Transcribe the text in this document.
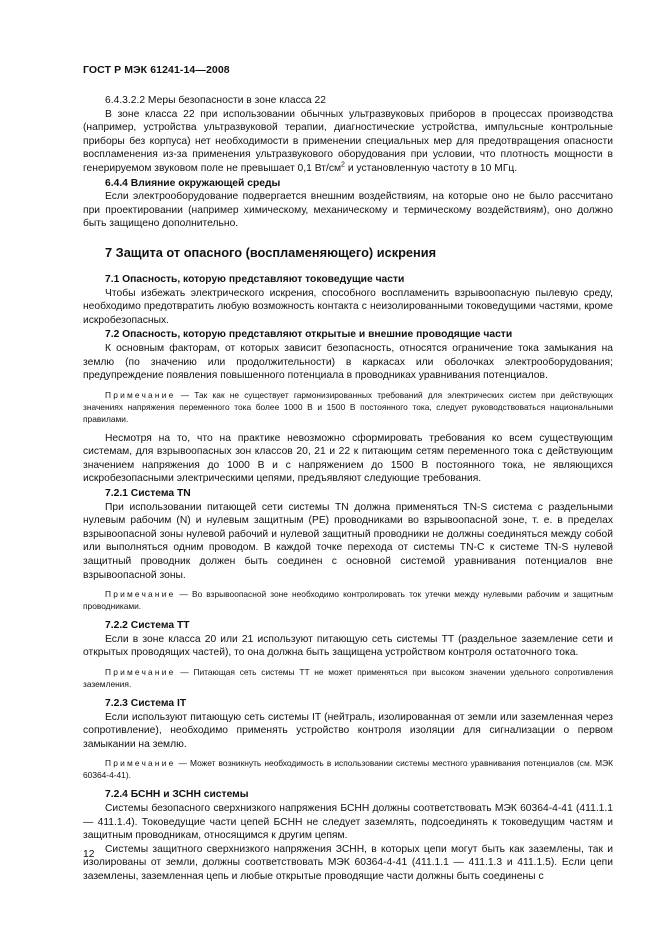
ГОСТ Р МЭК 61241-14—2008

6.4.3.2.2 Меры безопасности в зоне класса 22

В зоне класса 22 при использовании обычных ультразвуковых приборов в процессах производства (например, устройства ультразвуковой терапии, диагностические устройства, импульсные контрольные приборы без корпуса) нет необходимости в применении специальных мер для предотвращения опасности воспламенения из-за применения ультразвукового оборудования при условии, что плотность мощности в генерируемом звуковом поле не превышает 0,1 $Вт/см^2$ и установленную частоту в 10 МГц.

6.4.4 Влияние окружающей среды

Если электрооборудование подвергается внешним воздействиям, на которые оно не было рассчитано при проектировании (например химическому, механическому и термическому воздействиям), оно должно быть защищено дополнительно.

7 Защита от опасного (воспламеняющего) искрения

7.1 Опасность, которую представляют токоведущие части

Чтобы избежать электрического искрения, способного воспламенить взрывоопасную пылевую среду, необходимо предотвратить любую возможность контакта с неизолированными токоведущими частями, кроме искробезопасных.

7.2 Опасность, которую представляют открытые и внешние проводящие части

К основным факторам, от которых зависит безопасность, относятся ограничение тока замыкания на землю (по значению или продолжительности) в каркасах или оболочках электрооборудования; предупреждение появления повышенного потенциала в проводниках уравнивания потенциалов.

Примечание — Так как не существует гармонизированных требований для электрических систем при действующих значениях напряжения переменного тока более 1000 В и 1500 В постоянного тока, следует руководствоваться национальными правилами.

Несмотря на то, что на практике невозможно сформировать требования ко всем существующим системам, для взрывоопасных зон классов 20, 21 и 22 к питающим сетям переменного тока с действующим значением напряжения до 1000 В и с напряжением до 1500 В постоянного тока, не являющихся искробезопасными электрическими цепями, предъявляют следующие требования.

7.2.1 Система TN

При использовании питающей сети системы TN должна применяться TN-S система с раздельными нулевым рабочим (N) и нулевым защитным (PE) проводниками во взрывоопасной зоне, т. е. в пределах взрывоопасной зоны нулевой рабочий и нулевой защитный проводники не должны соединяться между собой или выполняться одним проводом. В каждой точке перехода от системы TN-C к системе TN-S нулевой защитный проводник должен быть соединен с основной системой уравнивания потенциалов вне взрывоопасной зоны.

Примечание — Во взрывоопасной зоне необходимо контролировать ток утечки между нулевыми рабочим и защитным проводниками.

7.2.2 Система TT

Если в зоне класса 20 или 21 используют питающую сеть системы TT (раздельное заземление сети и открытых проводящих частей), то она должна быть защищена устройством контроля остаточного тока.

Примечание — Питающая сеть системы TT не может применяться при высоком значении удельного сопротивления заземления.

7.2.3 Система IT

Если используют питающую сеть системы IT (нейтраль, изолированная от земли или заземленная через сопротивление), необходимо применять устройство контроля изоляции для сигнализации о первом замыкании на землю.

Примечание — Может возникнуть необходимость в использовании системы местного уравнивания потенциалов (см. МЭК 60364-4-41).

7.2.4 БСНН и ЗСНН системы

Системы безопасного сверхнизкого напряжения БСНН должны соответствовать МЭК 60364-4-41 (411.1.1 — 411.1.4). Токоведущие части цепей БСНН не следует заземлять, подсоединять к токоведущим частям и защитным проводникам, относящимся к другим цепям.

Системы защитного сверхнизкого напряжения ЗСНН, в которых цепи могут быть как заземлены, так и изолированы от земли, должны соответствовать МЭК 60364-4-41 (411.1.1 — 411.1.3 и 411.1.5). Если цепи заземлены, заземленная цепь и любые открытые проводящие части должны быть соединены с

12
